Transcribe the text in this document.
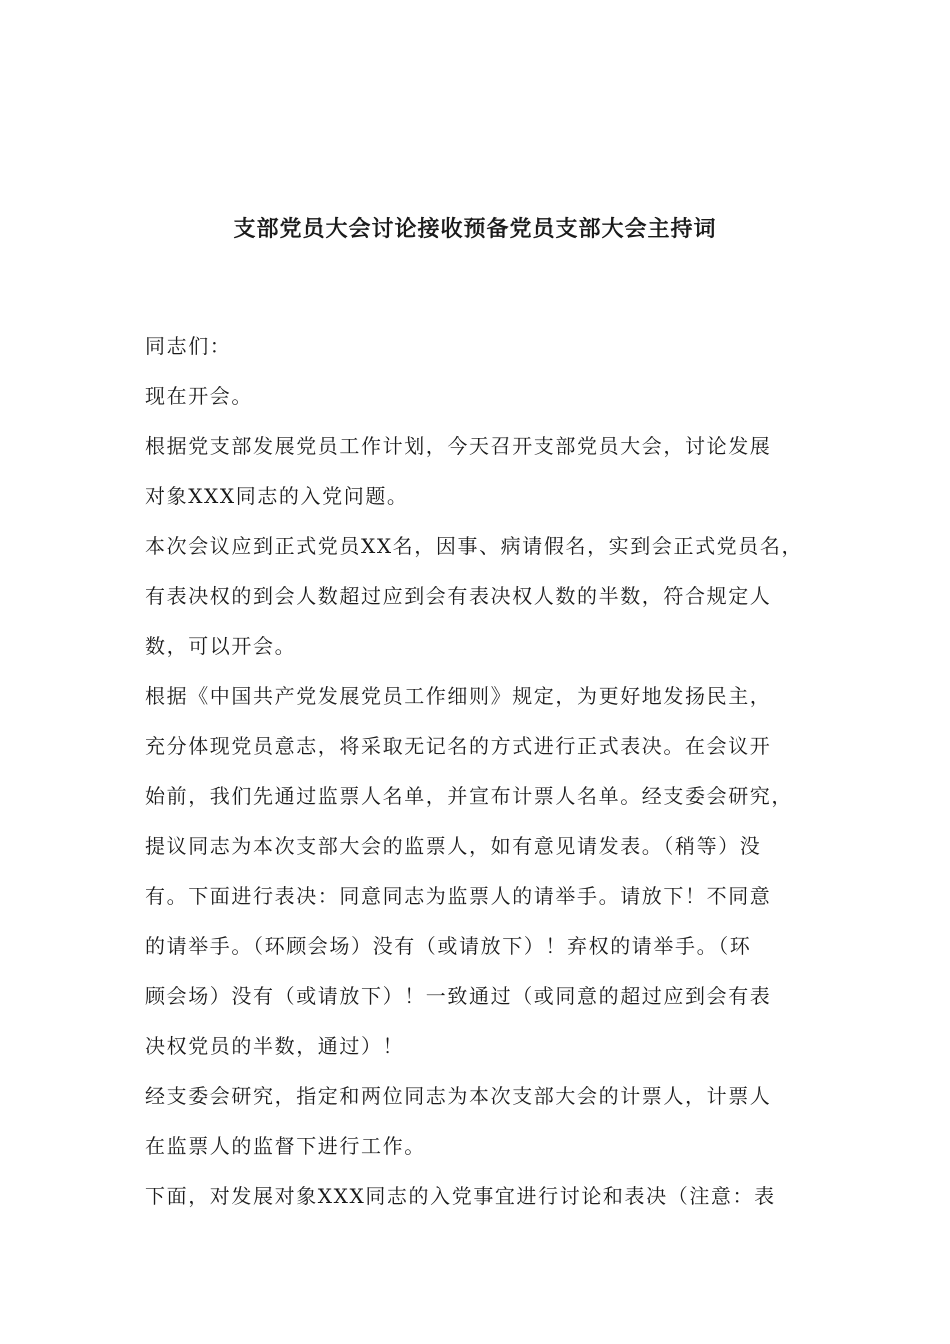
支部党员大会讨论接收预备党员支部大会主持词
同志们：
现在开会。
根据党支部发展党员工作计划，今天召开支部党员大会，讨论发展
对象XXX同志的入党问题。
本次会议应到正式党员XX名，因事、病请假名，实到会正式党员名，
有表决权的到会人数超过应到会有表决权人数的半数，符合规定人
数，可以开会。
根据《中国共产党发展党员工作细则》规定，为更好地发扬民主，
充分体现党员意志，将采取无记名的方式进行正式表决。在会议开
始前，我们先通过监票人名单，并宣布计票人名单。经支委会研究，
提议同志为本次支部大会的监票人，如有意见请发表。（稍等）没
有。下面进行表决：同意同志为监票人的请举手。请放下！不同意
的请举手。（环顾会场）没有（或请放下）！弃权的请举手。（环
顾会场）没有（或请放下）！一致通过（或同意的超过应到会有表
决权党员的半数，通过）！
经支委会研究，指定和两位同志为本次支部大会的计票人，计票人
在监票人的监督下进行工作。
下面，对发展对象XXX同志的入党事宜进行讨论和表决（注意：表
